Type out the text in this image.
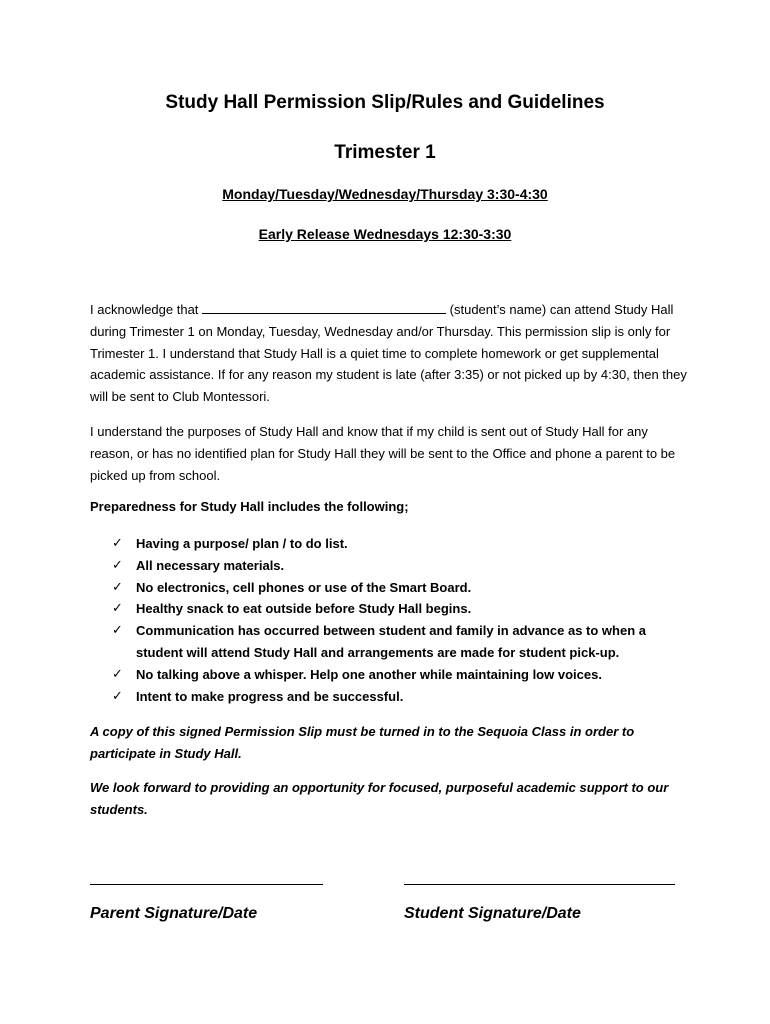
Study Hall Permission Slip/Rules and Guidelines
Trimester 1
Monday/Tuesday/Wednesday/Thursday 3:30-4:30
Early Release Wednesdays 12:30-3:30
I acknowledge that	(student’s name) can attend Study Hall during Trimester 1 on Monday, Tuesday, Wednesday and/or Thursday. This permission slip is only for Trimester 1. I understand that Study Hall is a quiet time to complete homework or get supplemental academic assistance. If for any reason my student is late (after 3:35) or not picked up by 4:30, then they will be sent to Club Montessori.
I understand the purposes of Study Hall and know that if my child is sent out of Study Hall for any reason, or has no identified plan for Study Hall they will be sent to the Office and phone a parent to be picked up from school.
Preparedness for Study Hall includes the following;
✓ Having a purpose/ plan / to do list.
✓ All necessary materials.
✓ No electronics, cell phones or use of the Smart Board.
✓ Healthy snack to eat outside before Study Hall begins.
✓ Communication has occurred between student and family in advance as to when a student will attend Study Hall and arrangements are made for student pick-up.
✓ No talking above a whisper. Help one another while maintaining low voices.
✓ Intent to make progress and be successful.
A copy of this signed Permission Slip must be turned in to the Sequoia Class in order to participate in Study Hall.
We look forward to providing an opportunity for focused, purposeful academic support to our students.
Parent Signature/Date	Student Signature/Date
